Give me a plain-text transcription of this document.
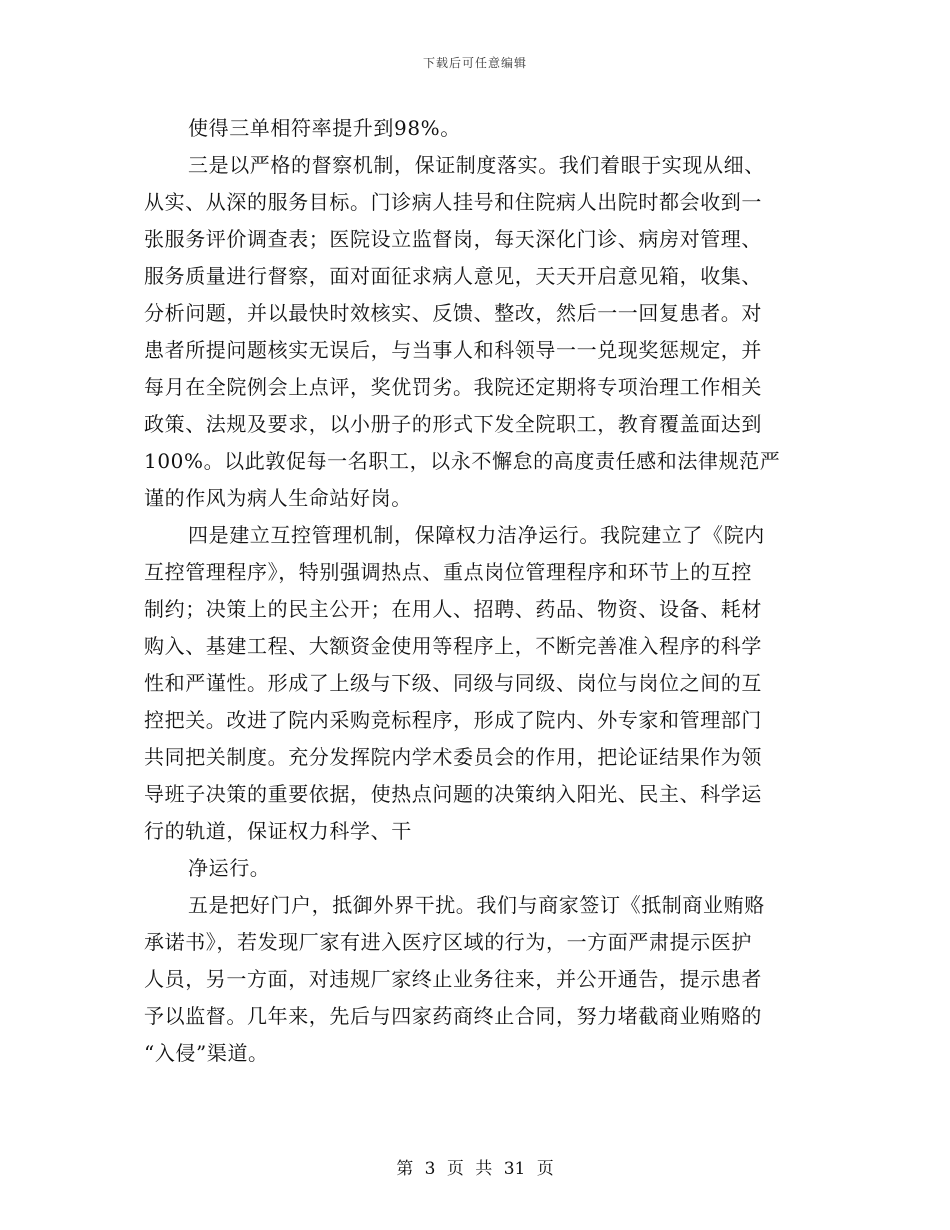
下载后可任意编辑
使得三单相符率提升到98%。
三是以严格的督察机制，保证制度落实。我们着眼于实现从细、
从实、从深的服务目标。门诊病人挂号和住院病人出院时都会收到一
张服务评价调查表；医院设立监督岗，每天深化门诊、病房对管理、
服务质量进行督察，面对面征求病人意见，天天开启意见箱，收集、
分析问题，并以最快时效核实、反馈、整改，然后一一回复患者。对
患者所提问题核实无误后，与当事人和科领导一一兑现奖惩规定，并
每月在全院例会上点评，奖优罚劣。我院还定期将专项治理工作相关
政策、法规及要求，以小册子的形式下发全院职工，教育覆盖面达到
100%。以此敦促每一名职工，以永不懈怠的高度责任感和法律规范严
谨的作风为病人生命站好岗。
四是建立互控管理机制，保障权力洁净运行。我院建立了《院内
互控管理程序》，特别强调热点、重点岗位管理程序和环节上的互控
制约；决策上的民主公开；在用人、招聘、药品、物资、设备、耗材
购入、基建工程、大额资金使用等程序上，不断完善准入程序的科学
性和严谨性。形成了上级与下级、同级与同级、岗位与岗位之间的互
控把关。改进了院内采购竞标程序，形成了院内、外专家和管理部门
共同把关制度。充分发挥院内学术委员会的作用，把论证结果作为领
导班子决策的重要依据，使热点问题的决策纳入阳光、民主、科学运
行的轨道，保证权力科学、干
净运行。
五是把好门户，抵御外界干扰。我们与商家签订《抵制商业贿赂
承诺书》，若发现厂家有进入医疗区域的行为，一方面严肃提示医护
人员，另一方面，对违规厂家终止业务往来，并公开通告，提示患者
予以监督。几年来，先后与四家药商终止合同，努力堵截商业贿赂的
“入侵”渠道。
第 3 页 共 31 页
